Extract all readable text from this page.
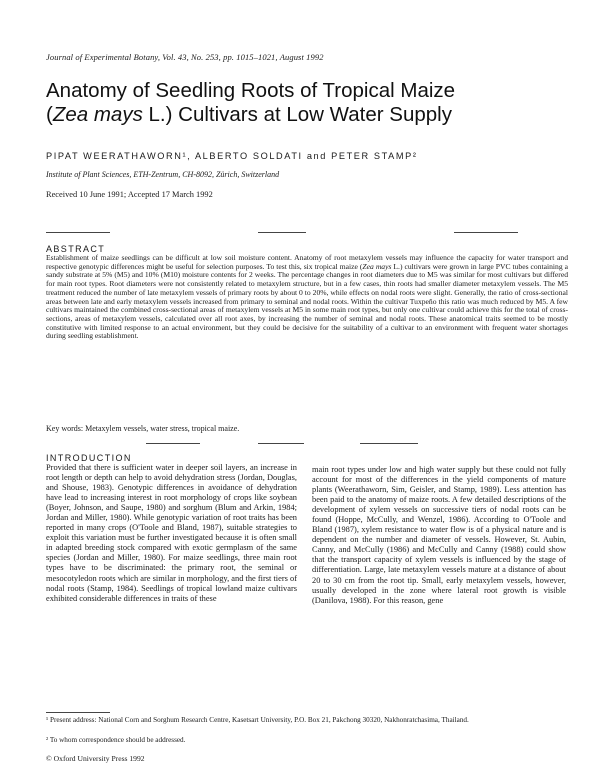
Journal of Experimental Botany, Vol. 43, No. 253, pp. 1015–1021, August 1992
Anatomy of Seedling Roots of Tropical Maize
(Zea mays L.) Cultivars at Low Water Supply
PIPAT WEERATHAWORN¹, ALBERTO SOLDATI and PETER STAMP²
Institute of Plant Sciences, ETH-Zentrum, CH-8092, Zürich, Switzerland
Received 10 June 1991; Accepted 17 March 1992
ABSTRACT

Establishment of maize seedlings can be difficult at low soil moisture content. Anatomy of root metaxylem vessels may influence the capacity for water transport and respective genotypic differences might be useful for selection purposes. To test this, six tropical maize (Zea mays L.) cultivars were grown in large PVC tubes containing a sandy substrate at 5% (M5) and 10% (M10) moisture contents for 2 weeks. The percentage changes in root diameters due to M5 was similar for most cultivars but differed for main root types. Root diameters were not consistently related to metaxylem structure, but in a few cases, thin roots had smaller diameter metaxylem vessels. The M5 treatment reduced the number of late metaxylem vessels of primary roots by about 0 to 20%, while effects on nodal roots were slight. Generally, the ratio of cross-sectional areas between late and early metaxylem vessels increased from primary to seminal and nodal roots. Within the cultivar Tuxpeño this ratio was much reduced by M5. A few cultivars maintained the combined cross-sectional areas of metaxylem vessels at M5 in some main root types, but only one cultivar could achieve this for the total of cross-sections, areas of metaxylem vessels, calculated over all root axes, by increasing the number of seminal and nodal roots. These anatomical traits seemed to be mostly constitutive with limited response to an actual environment, but they could be decisive for the suitability of a cultivar to an environment with frequent water shortages during seedling establishment.

Key words: Metaxylem vessels, water stress, tropical maize.
INTRODUCTION

Provided that there is sufficient water in deeper soil layers, an increase in root length or depth can help to avoid dehydration stress (Jordan, Douglas, and Shouse, 1983). Genotypic differences in avoidance of dehydration have lead to increasing interest in root morphology of crops like soybean (Boyer, Johnson, and Saupe, 1980) and sorghum (Blum and Arkin, 1984; Jordan and Miller, 1980). While genotypic variation of root traits has been reported in many crops (O'Toole and Bland, 1987), suitable strategies to exploit this variation must be further investigated because it is often small in adapted breeding stock compared with exotic germplasm of the same species (Jordan and Miller, 1980). For maize seedlings, three main root types have to be discriminated: the primary root, the seminal or mesocotyledon roots which are similar in morphology, and the first tiers of nodal roots (Stamp, 1984). Seedlings of tropical lowland maize cultivars exhibited considerable differences in traits of these

main root types under low and high water supply but these could not fully account for most of the differences in the yield components of mature plants (Weerathaworn, Sim, Geisler, and Stamp, 1989). Less attention has been paid to the anatomy of maize roots. A few detailed descriptions of the development of xylem vessels on successive tiers of nodal roots can be found (Hoppe, McCully, and Wenzel, 1986). According to O'Toole and Bland (1987), xylem resistance to water flow is of a physical nature and is dependent on the number and diameter of vessels. However, St. Aubin, Canny, and McCully (1986) and McCully and Canny (1988) could show that the transport capacity of xylem vessels is influenced by the stage of differentiation. Large, late metaxylem vessels mature at a distance of about 20 to 30 cm from the root tip. Small, early metaxylem vessels, however, usually developed in the zone where lateral root growth is visible (Danilova, 1988). For this reason, gene

¹ Present address: National Corn and Sorghum Research Centre, Kasetsart University, P.O. Box 21, Pakchong 30320, Nakhonratchasima, Thailand.

² To whom correspondence should be addressed.

© Oxford University Press 1992
